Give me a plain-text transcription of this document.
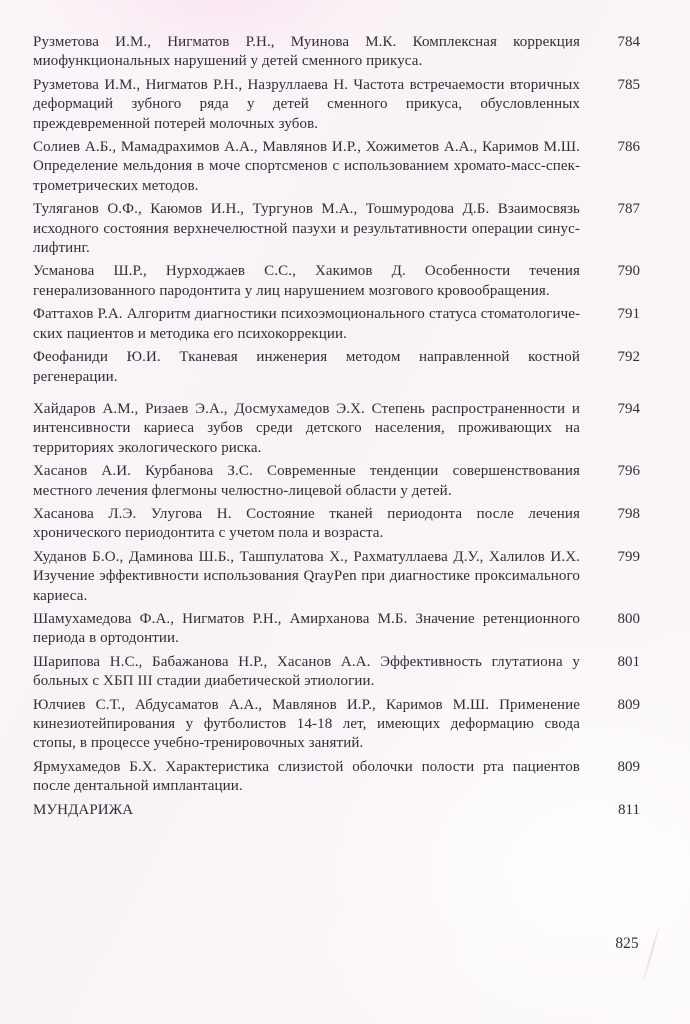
Рузметова И.М., Нигматов Р.Н., Муинова М.К. Комплексная коррекция миофункциональных нарушений у детей сменного прикуса.

784

Рузметова И.М., Нигматов Р.Н., Назруллаева Н. Частота встречаемости вторичных деформаций зубного ряда у детей сменного прикуса, обусловленных преждевременной потерей молочных зубов.

785

Солиев А.Б., Мамадрахимов А.А., Мавлянов И.Р., Хожиметов А.А., Каримов М.Ш. Определение мельдония в моче спортсменов с использованием хромато-масс-спектрометрических методов.

786

Туляганов О.Ф., Каюмов И.Н., Тургунов М.А., Тошмуродова Д.Б. Взаимосвязь исходного состояния верхнечелюстной пазухи и результативности операции синус-лифтинг.

787

Усманова Ш.Р., Нурходжаев С.С., Хакимов Д. Особенности течения генерализованного пародонтита у лиц нарушением мозгового кровообращения.

790

Фаттахов Р.А. Алгоритм диагностики психоэмоционального статуса стоматологических пациентов и методика его психокоррекции.

791

Феофаниди Ю.И. Тканевая инженерия методом направленной костной регенерации.

792

Хайдаров А.М., Ризаев Э.А., Досмухамедов Э.Х. Степень распространенности и интенсивности кариеса зубов среди детского населения, проживающих на территориях экологического риска.

794

Хасанов А.И. Курбанова З.С. Современные тенденции совершенствования местного лечения флегмоны челюстно-лицевой области у детей.

796

Хасанова Л.Э. Улугова Н. Состояние тканей периодонта после лечения хронического периодонтита с учетом пола и возраста.

798

Худанов Б.О., Даминова Ш.Б., Ташпулатова Х., Рахматуллаева Д.У., Халилов И.Х. Изучение эффективности использования QrayPen при диагностике проксимального кариеса.

799

Шамухамедова Ф.А., Нигматов Р.Н., Амирханова М.Б. Значение ретенционного периода в ортодонтии.

800

Шарипова Н.С., Бабажанова Н.Р., Хасанов А.А. Эффективность глутатиона у больных с ХБП III стадии диабетической этиологии.

801

Юлчиев С.Т., Абдусаматов А.А., Мавлянов И.Р., Каримов М.Ш. Применение кинезиотейпирования у футболистов 14-18 лет, имеющих деформацию свода стопы, в процессе учебно-тренировочных занятий.

809

Ярмухамедов Б.Х. Характеристика слизистой оболочки полости рта пациентов после дентальной имплантации.

809

МУНДАРИЖА	811
825
